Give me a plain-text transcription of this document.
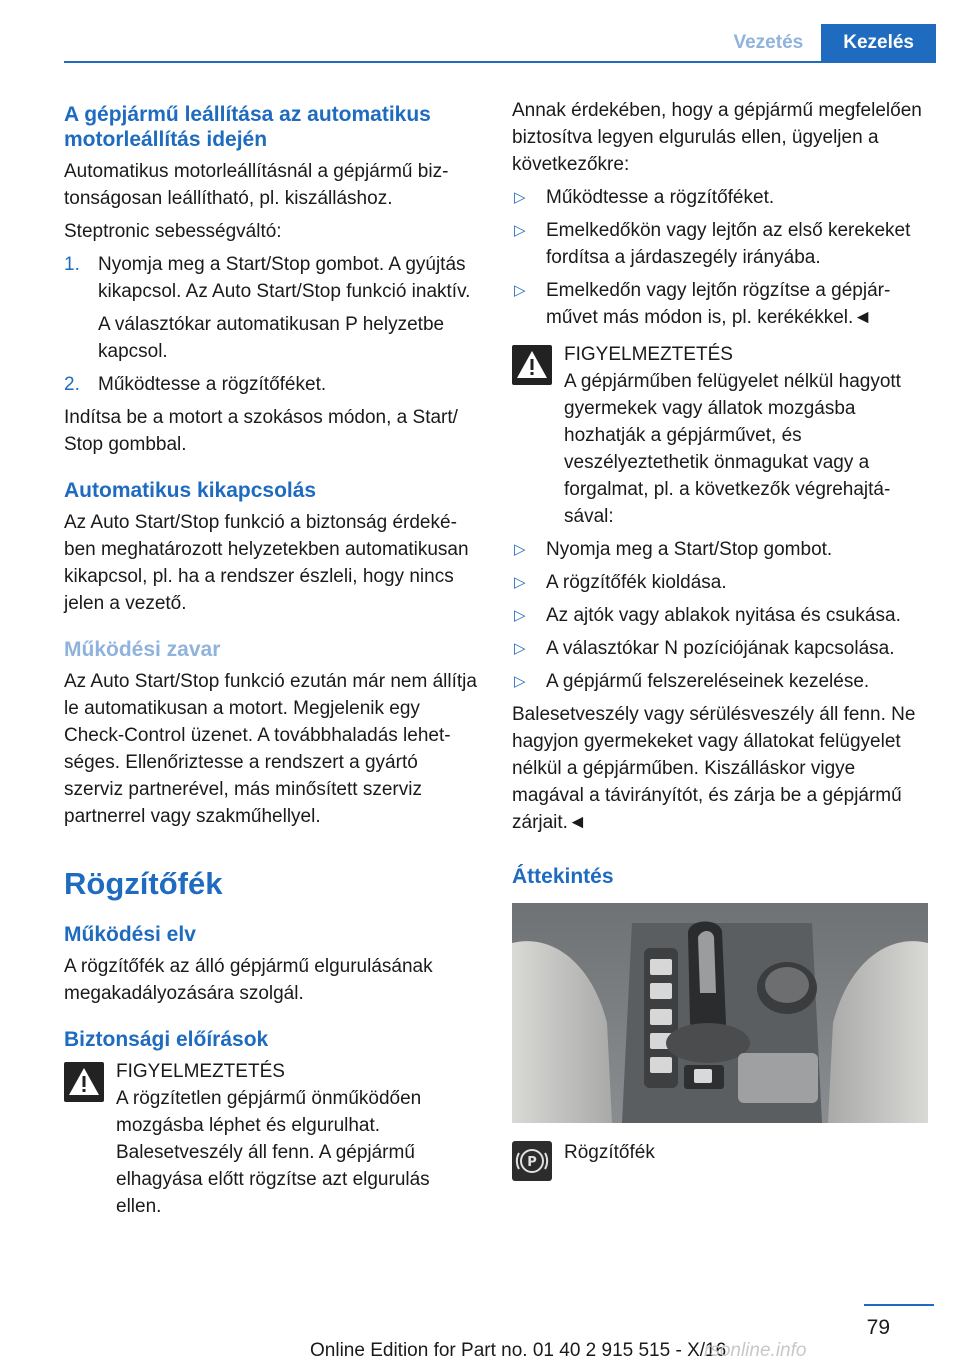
Vezetés	Kezelés
A gépjármű leállítása az automatikus motorleállítás idején

Automatikus motorleállításnál a gépjármű biztonságosan leállítható, pl. kiszálláshoz.

Steptronic sebességváltó:

1. Nyomja meg a Start/Stop gombot. A gyújtás kikapcsol. Az Auto Start/Stop funkció inaktív.
A választókar automatikusan P helyzetbe kapcsol.
2. Működtesse a rögzítőféket.

Indítsa be a motort a szokásos módon, a Start/ Stop gombbal.

Automatikus kikapcsolás

Az Auto Start/Stop funkció a biztonság érdekében meghatározott helyzetekben automatikusan kikapcsol, pl. ha a rendszer észleli, hogy nincs jelen a vezető.

Működési zavar

Az Auto Start/Stop funkció ezután már nem állítja le automatikusan a motort. Megjelenik egy Check-Control üzenet. A továbbhaladás lehetséges. Ellenőriztesse a rendszert a gyártó szerviz partnerével, más minősített szerviz partnerrel vagy szakműhellyel.

Rögzítőfék
Működési elv

A rögzítőfék az álló gépjármű elgurulásának megakadályozására szolgál.

Biztonsági előírások
FIGYELMEZTETÉS
A rögzítetlen gépjármű önműködően mozgásba léphet és elgurulhat. Balesetveszély áll fenn. A gépjármű elhagyása előtt rögzítse azt elgurulás ellen.

Annak érdekében, hogy a gépjármű megfelelően biztosítva legyen elgurulás ellen, ügyeljen a következőkre:

▷ Működtesse a rögzítőféket.
▷ Emelkedőkön vagy lejtőn az első kerekeket fordítsa a járdaszegély irányába.
▷ Emelkedőn vagy lejtőn rögzítse a gépjárművet más módon is, pl. kerékékkel.◄
FIGYELMEZTETÉS
A gépjárműben felügyelet nélkül hagyott gyermekek vagy állatok mozgásba hozhatják a gépjárművet, és veszélyeztethetik önmagukat vagy a forgalmat, pl. a következők végrehajtásával:
▷ Nyomja meg a Start/Stop gombot.
▷ A rögzítőfék kioldása.
▷ Az ajtók vagy ablakok nyitása és csukása.
▷ A választókar N pozíciójának kapcsolása.
▷ A gépjármű felszereléseinek kezelése.

Balesetveszély vagy sérülésveszély áll fenn. Ne hagyjon gyermekeket vagy állatokat felügyelet nélkül a gépjárműben. Kiszálláskor vigye magával a távirányítót, és zárja be a gépjármű zárjait.◄

Áttekintés
P Rögzítőfék
79
Online Edition for Part no. 01 40 2 915 515 - X/16
rsonline.info
